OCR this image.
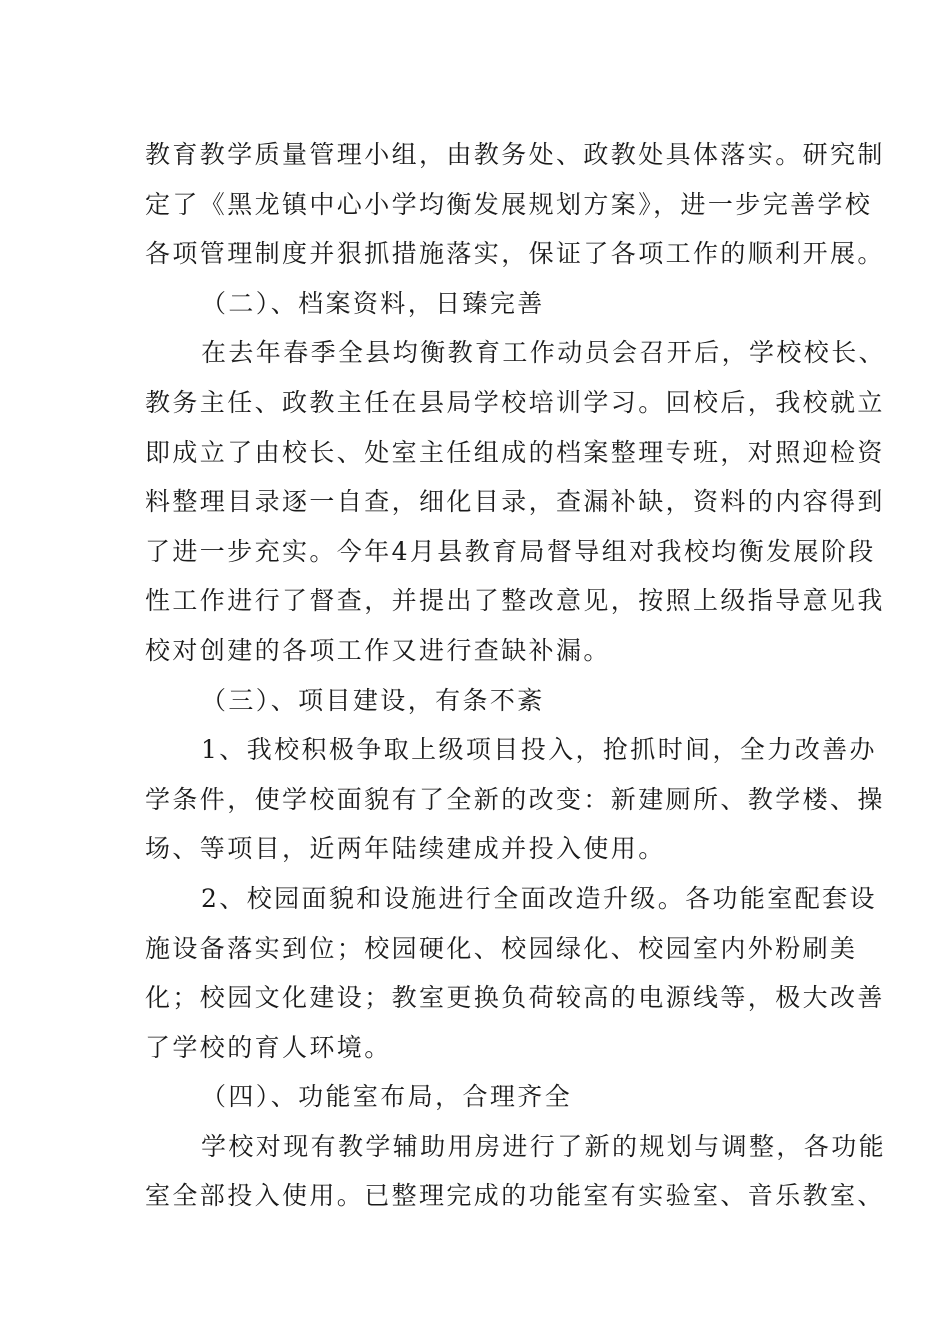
教育教学质量管理小组，由教务处、政教处具体落实。研究制
定了《黑龙镇中心小学均衡发展规划方案》，进一步完善学校
各项管理制度并狠抓措施落实，保证了各项工作的顺利开展。
（二）、档案资料，日臻完善
在去年春季全县均衡教育工作动员会召开后，学校校长、
教务主任、政教主任在县局学校培训学习。回校后，我校就立
即成立了由校长、处室主任组成的档案整理专班，对照迎检资
料整理目录逐一自查，细化目录，查漏补缺，资料的内容得到
了进一步充实。今年4月县教育局督导组对我校均衡发展阶段
性工作进行了督查，并提出了整改意见，按照上级指导意见我
校对创建的各项工作又进行查缺补漏。
（三）、项目建设，有条不紊
1、我校积极争取上级项目投入，抢抓时间，全力改善办
学条件，使学校面貌有了全新的改变：新建厕所、教学楼、操
场、等项目，近两年陆续建成并投入使用。
2、校园面貌和设施进行全面改造升级。各功能室配套设
施设备落实到位；校园硬化、校园绿化、校园室内外粉刷美
化；校园文化建设；教室更换负荷较高的电源线等，极大改善
了学校的育人环境。
（四）、功能室布局，合理齐全
学校对现有教学辅助用房进行了新的规划与调整，各功能
室全部投入使用。已整理完成的功能室有实验室、音乐教室、
